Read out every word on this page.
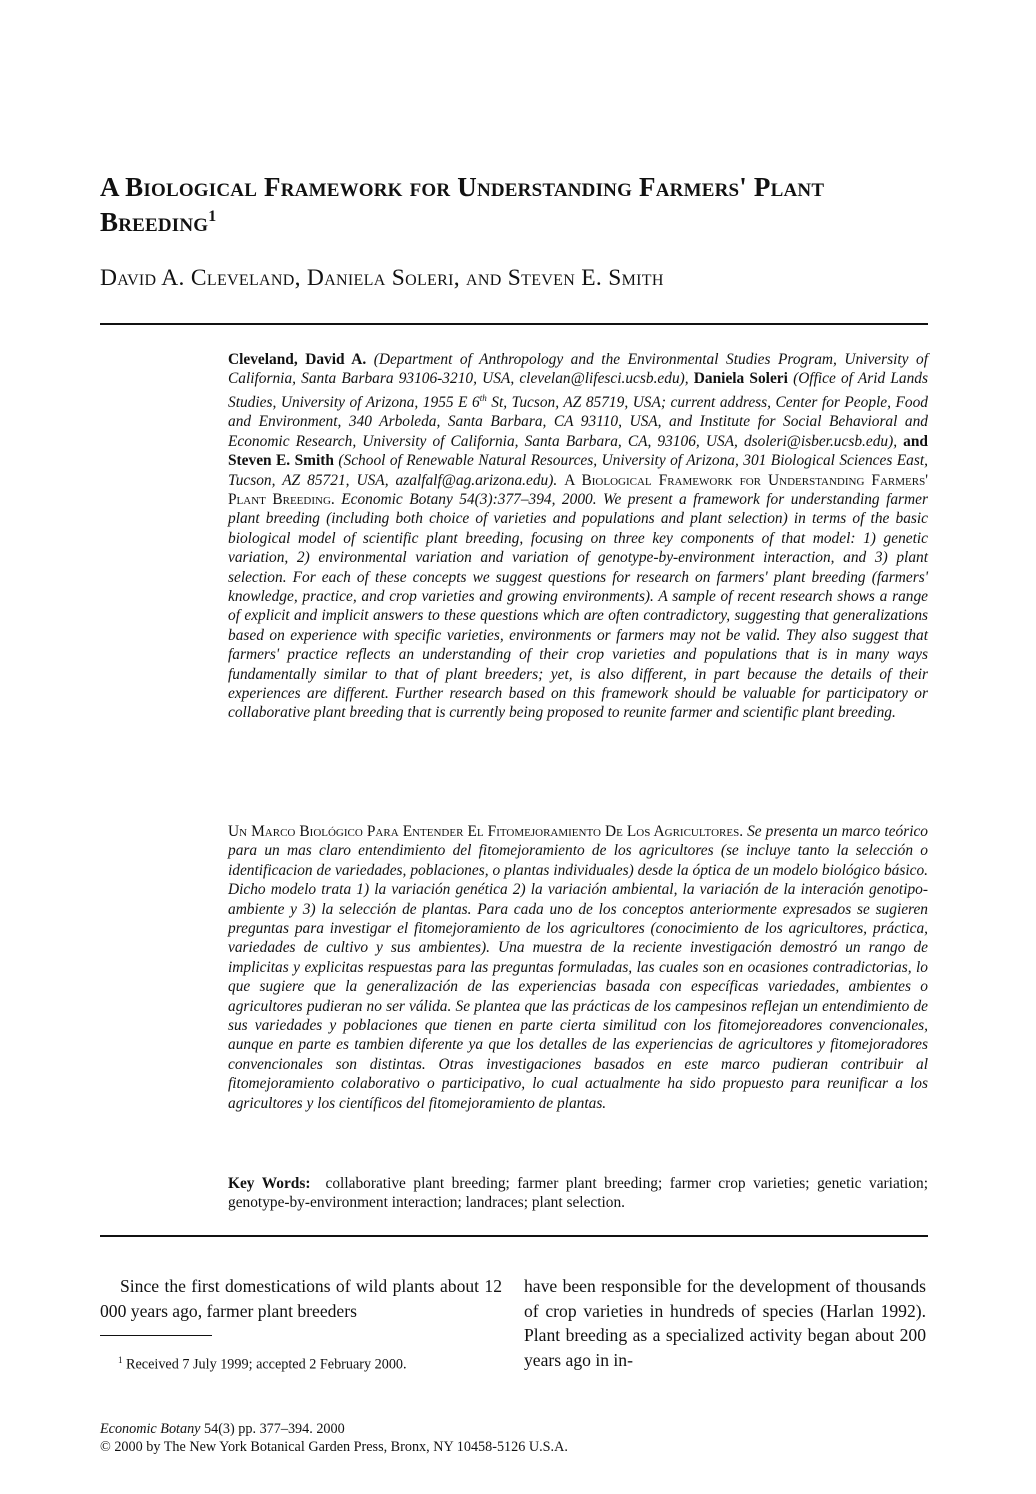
A Biological Framework for Understanding Farmers' Plant Breeding$^1$
David A. Cleveland, Daniela Soleri, and Steven E. Smith
Cleveland, David A. (Department of Anthropology and the Environmental Studies Program, University of California, Santa Barbara 93106-3210, USA, clevelan@lifesci.ucsb.edu), Daniela Soleri (Office of Arid Lands Studies, University of Arizona, 1955 E 6th St, Tucson, AZ 85719, USA; current address, Center for People, Food and Environment, 340 Arboleda, Santa Barbara, CA 93110, USA, and Institute for Social Behavioral and Economic Research, University of California, Santa Barbara, CA, 93106, USA, dsoleri@isber.ucsb.edu), and Steven E. Smith (School of Renewable Natural Resources, University of Arizona, 301 Biological Sciences East, Tucson, AZ 85721, USA, azalfalf@ag.arizona.edu). A Biological Framework for Understanding Farmers' Plant Breeding. Economic Botany 54(3):377–394, 2000. We present a framework for understanding farmer plant breeding (including both choice of varieties and populations and plant selection) in terms of the basic biological model of scientific plant breeding, focusing on three key components of that model: 1) genetic variation, 2) environmental variation and variation of genotype-by-environment interaction, and 3) plant selection. For each of these concepts we suggest questions for research on farmers' plant breeding (farmers' knowledge, practice, and crop varieties and growing environments). A sample of recent research shows a range of explicit and implicit answers to these questions which are often contradictory, suggesting that generalizations based on experience with specific varieties, environments or farmers may not be valid. They also suggest that farmers' practice reflects an understanding of their crop varieties and populations that is in many ways fundamentally similar to that of plant breeders; yet, is also different, in part because the details of their experiences are different. Further research based on this framework should be valuable for participatory or collaborative plant breeding that is currently being proposed to reunite farmer and scientific plant breeding.
Un Marco Biológico Para Entender El Fitomejoramiento De Los Agricultores. Se presenta un marco teórico para un mas claro entendimiento del fitomejoramiento de los agricultores (se incluye tanto la selección o identificacion de variedades, poblaciones, o plantas individuales) desde la óptica de un modelo biológico básico. Dicho modelo trata 1) la variación genética 2) la variación ambiental, la variación de la interación genotipo-ambiente y 3) la selección de plantas. Para cada uno de los conceptos anteriormente expresados se sugieren preguntas para investigar el fitomejoramiento de los agricultores (conocimiento de los agricultores, práctica, variedades de cultivo y sus ambientes). Una muestra de la reciente investigación demostró un rango de implicitas y explicitas respuestas para las preguntas formuladas, las cuales son en ocasiones contradictorias, lo que sugiere que la generalización de las experiencias basada con específicas variedades, ambientes o agricultores pudieran no ser válida. Se plantea que las prácticas de los campesinos reflejan un entendimiento de sus variedades y poblaciones que tienen en parte cierta similitud con los fitomejoreadores convencionales, aunque en parte es tambien diferente ya que los detalles de las experiencias de agricultores y fitomejoradores convencionales son distintas. Otras investigaciones basados en este marco pudieran contribuir al fitomejoramiento colaborativo o participativo, lo cual actualmente ha sido propuesto para reunificar a los agricultores y los científicos del fitomejoramiento de plantas.
Key Words: collaborative plant breeding; farmer plant breeding; farmer crop varieties; genetic variation; genotype-by-environment interaction; landraces; plant selection.
Since the first domestications of wild plants about 12 000 years ago, farmer plant breeders
have been responsible for the development of thousands of crop varieties in hundreds of species (Harlan 1992). Plant breeding as a specialized activity began about 200 years ago in in-
$^1$ Received 7 July 1999; accepted 2 February 2000.
Economic Botany 54(3) pp. 377–394. 2000
© 2000 by The New York Botanical Garden Press, Bronx, NY 10458-5126 U.S.A.
